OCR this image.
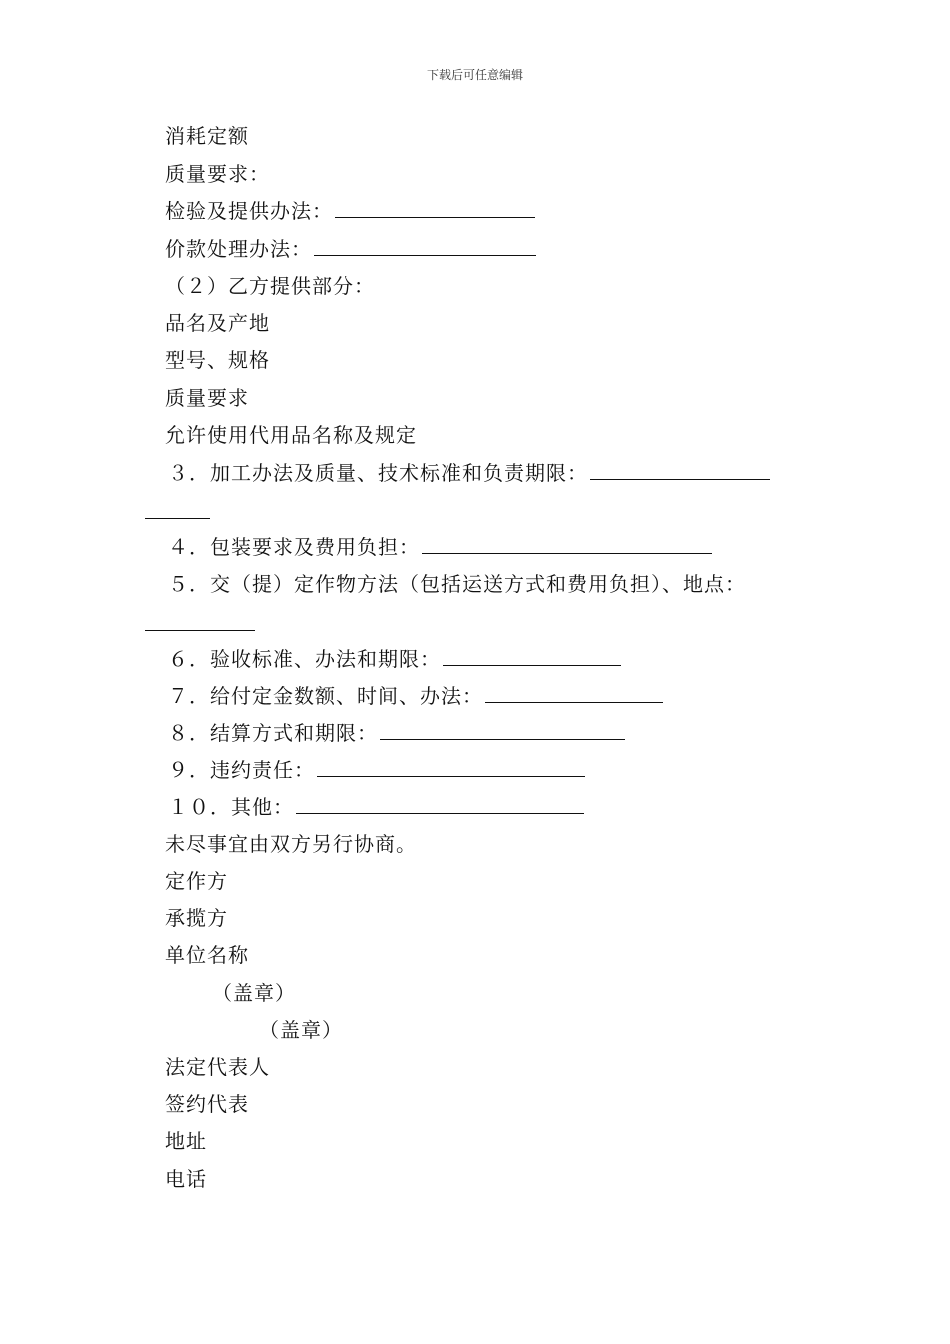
下载后可任意编辑
消耗定额
质量要求：
检验及提供办法：
价款处理办法：
（２）乙方提供部分：
品名及产地
型号、规格
质量要求
允许使用代用品名称及规定
３．加工办法及质量、技术标准和负责期限：
４．包装要求及费用负担：
５．交（提）定作物方法（包括运送方式和费用负担）、地点：
６．验收标准、办法和期限：
７．给付定金数额、时间、办法：
８．结算方式和期限：
９．违约责任：
１０．其他：
未尽事宜由双方另行协商。
定作方
承揽方
单位名称
（盖章）
（盖章）
法定代表人
签约代表
地址
电话
